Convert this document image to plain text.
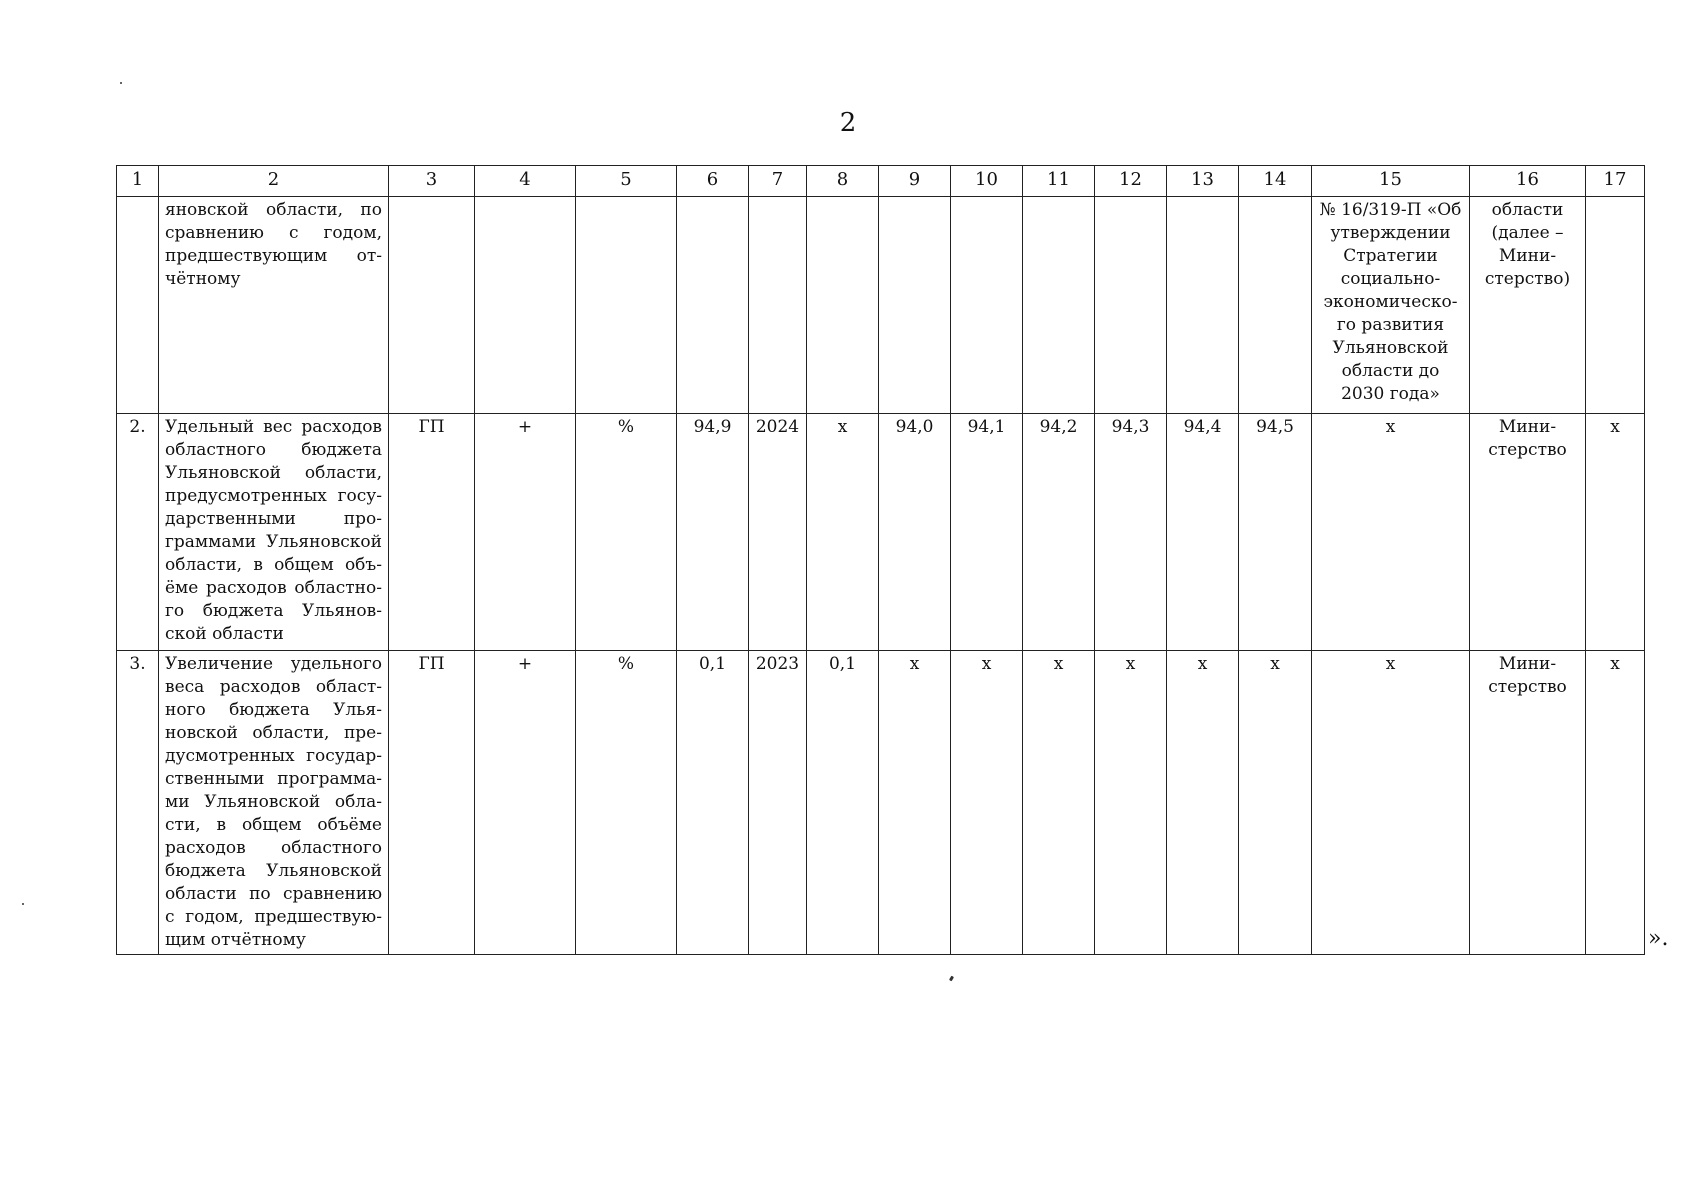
2
1	2	3	4	5	6	7	8	9	10	11	12	13	14	15	16	17
	яновской области, по сравнению с годом, предшествующим отчётному													№ 16/319-П «Об утверждении Стратегии социально-экономического развития Ульяновской области до 2030 года»	области (далее – Министерство)	
2.	Удельный вес расходов областного бюджета Ульяновской области, предусмотренных государственными программами Ульяновской области, в общем объёме расходов областного бюджета Ульяновской области	ГП	+	%	94,9	2024	x	94,0	94,1	94,2	94,3	94,4	94,5	x	Министерство	x
3.	Увеличение удельного веса расходов областного бюджета Ульяновской области, предусмотренных государственными программами Ульяновской области, в общем объёме расходов областного бюджета Ульяновской области по сравнению с годом, предшествующим отчётному	ГП	+	%	0,1	2023	0,1	x	x	x	x	x	x	x	Министерство	x
».
